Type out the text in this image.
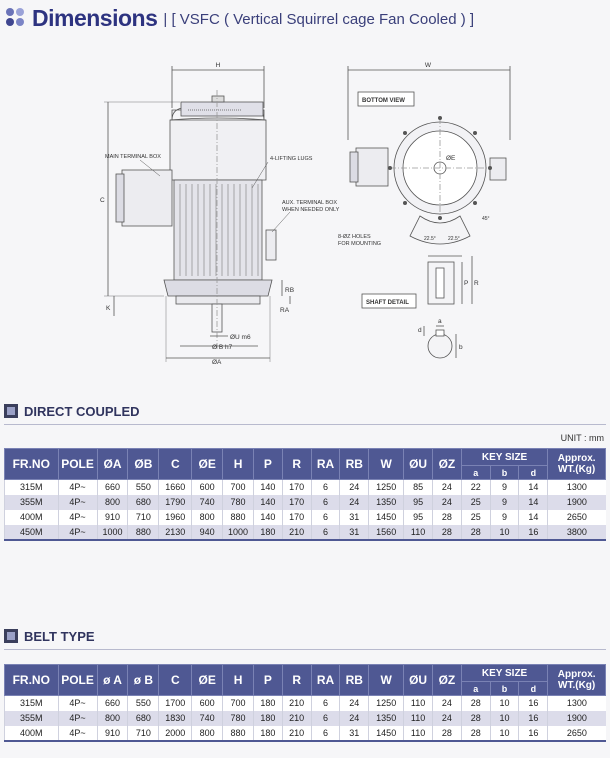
Dimensions | [ VSFC ( Vertical Squirrel cage Fan Cooled ) ]
H
C
K
RB
RA
ØU m6
Ø B h7
ØA
MAIN TERMINAL BOX	4-LIFTING LUGS
AUX. TERMINAL BOX
WHEN NEEDED ONLY
W
BOTTOM VIEW
ØE
8-ØZ HOLES
FOR MOUNTING
22.5° 22.5°
45°
SHAFT DETAIL
P R
a
d
b
DIRECT COUPLED
UNIT : mm
FR.NO	POLE	ØA	ØB	C	ØE	H	P	R	RA	RB	W	ØU	ØZ	KEY SIZE			Approx.
WT.(Kg)
														a	b	d	
315M	4P~	660	550	1660	600	700	140	170	6	24	1250	85	24	22	9	14	1300
355M	4P~	800	680	1790	740	780	140	170	6	24	1350	95	24	25	9	14	1900
400M	4P~	910	710	1960	800	880	140	170	6	31	1450	95	28	25	9	14	2650
450M	4P~	1000	880	2130	940	1000	180	210	6	31	1560	110	28	28	10	16	3800
BELT TYPE
FR.NO	POLE	ø A	ø B	C	ØE	H	P	R	RA	RB	W	ØU	ØZ	KEY SIZE			Approx.
WT.(Kg)
														a	b	d	
315M	4P~	660	550	1700	600	700	180	210	6	24	1250	110	24	28	10	16	1300
355M	4P~	800	680	1830	740	780	180	210	6	24	1350	110	24	28	10	16	1900
400M	4P~	910	710	2000	800	880	180	210	6	31	1450	110	28	28	10	16	2650
